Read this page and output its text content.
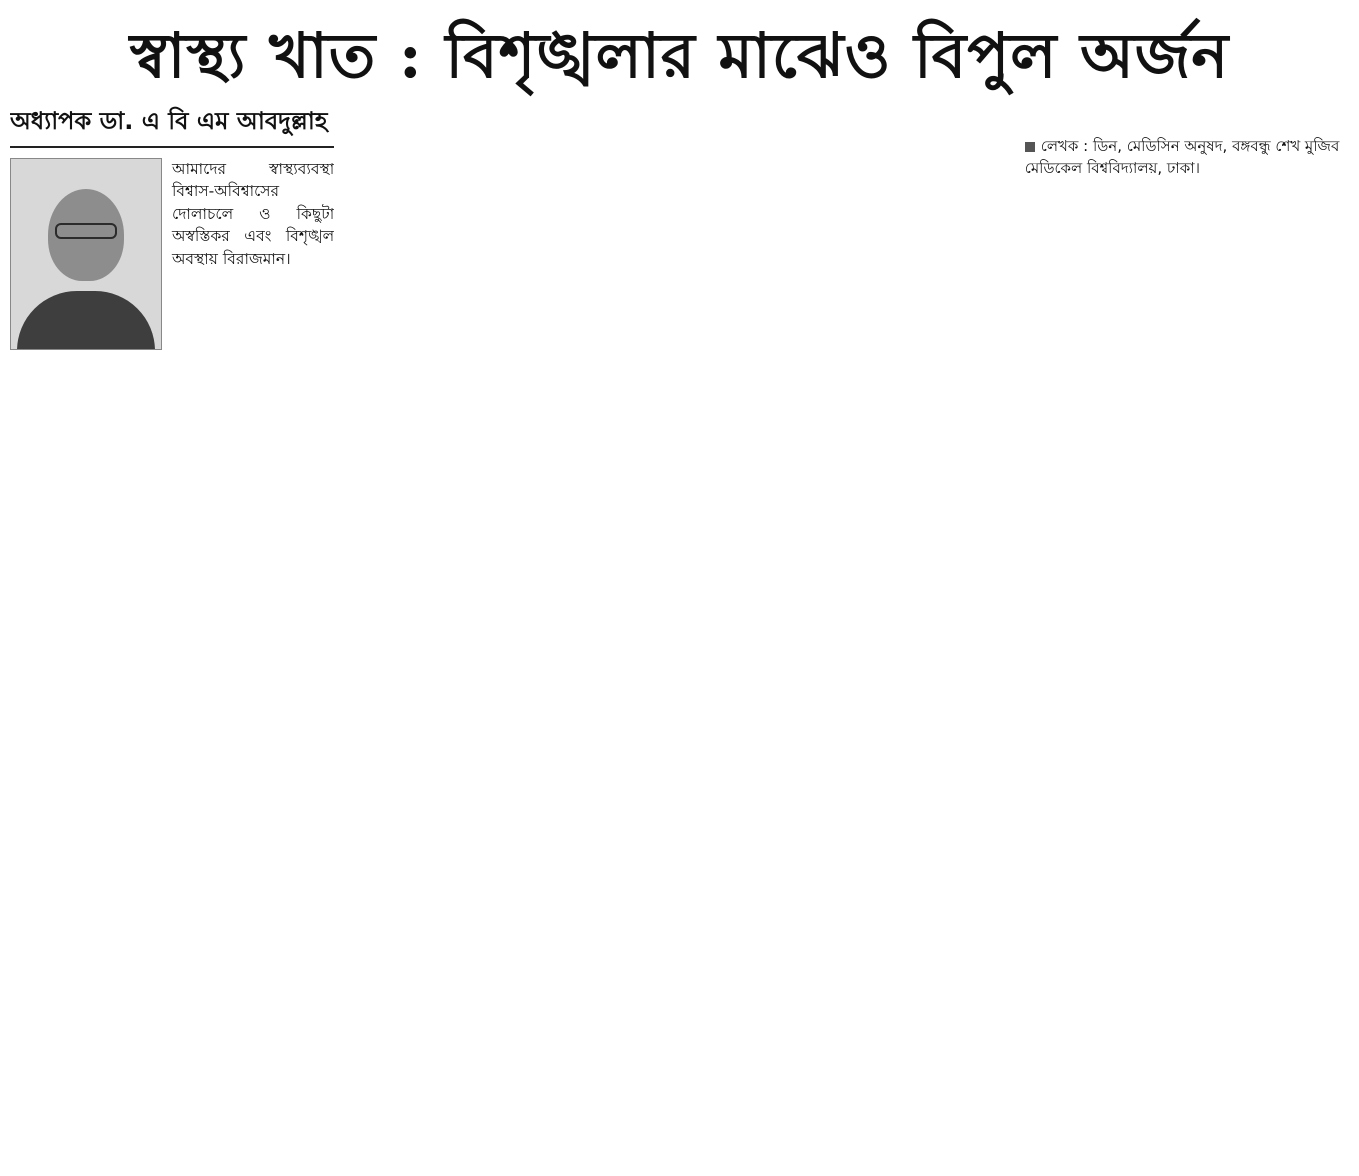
স্বাস্থ্য খাত : বিশৃঙ্খলার মাঝেও বিপুল অর্জন
অধ্যাপক ডা. এ বি এম আবদুল্লাহ

আমাদের স্বাস্থ্যব্যবস্থা বিশ্বাস-অবিশ্বাসের দোলাচলে ও কিছুটা অস্বস্তিকর এবং বিশৃঙ্খল অবস্থায় বিরাজমান।

লেখক : ডিন, মেডিসিন অনুষদ, বঙ্গবন্ধু শেখ মুজিব মেডিকেল বিশ্ববিদ্যালয়, ঢাকা।
